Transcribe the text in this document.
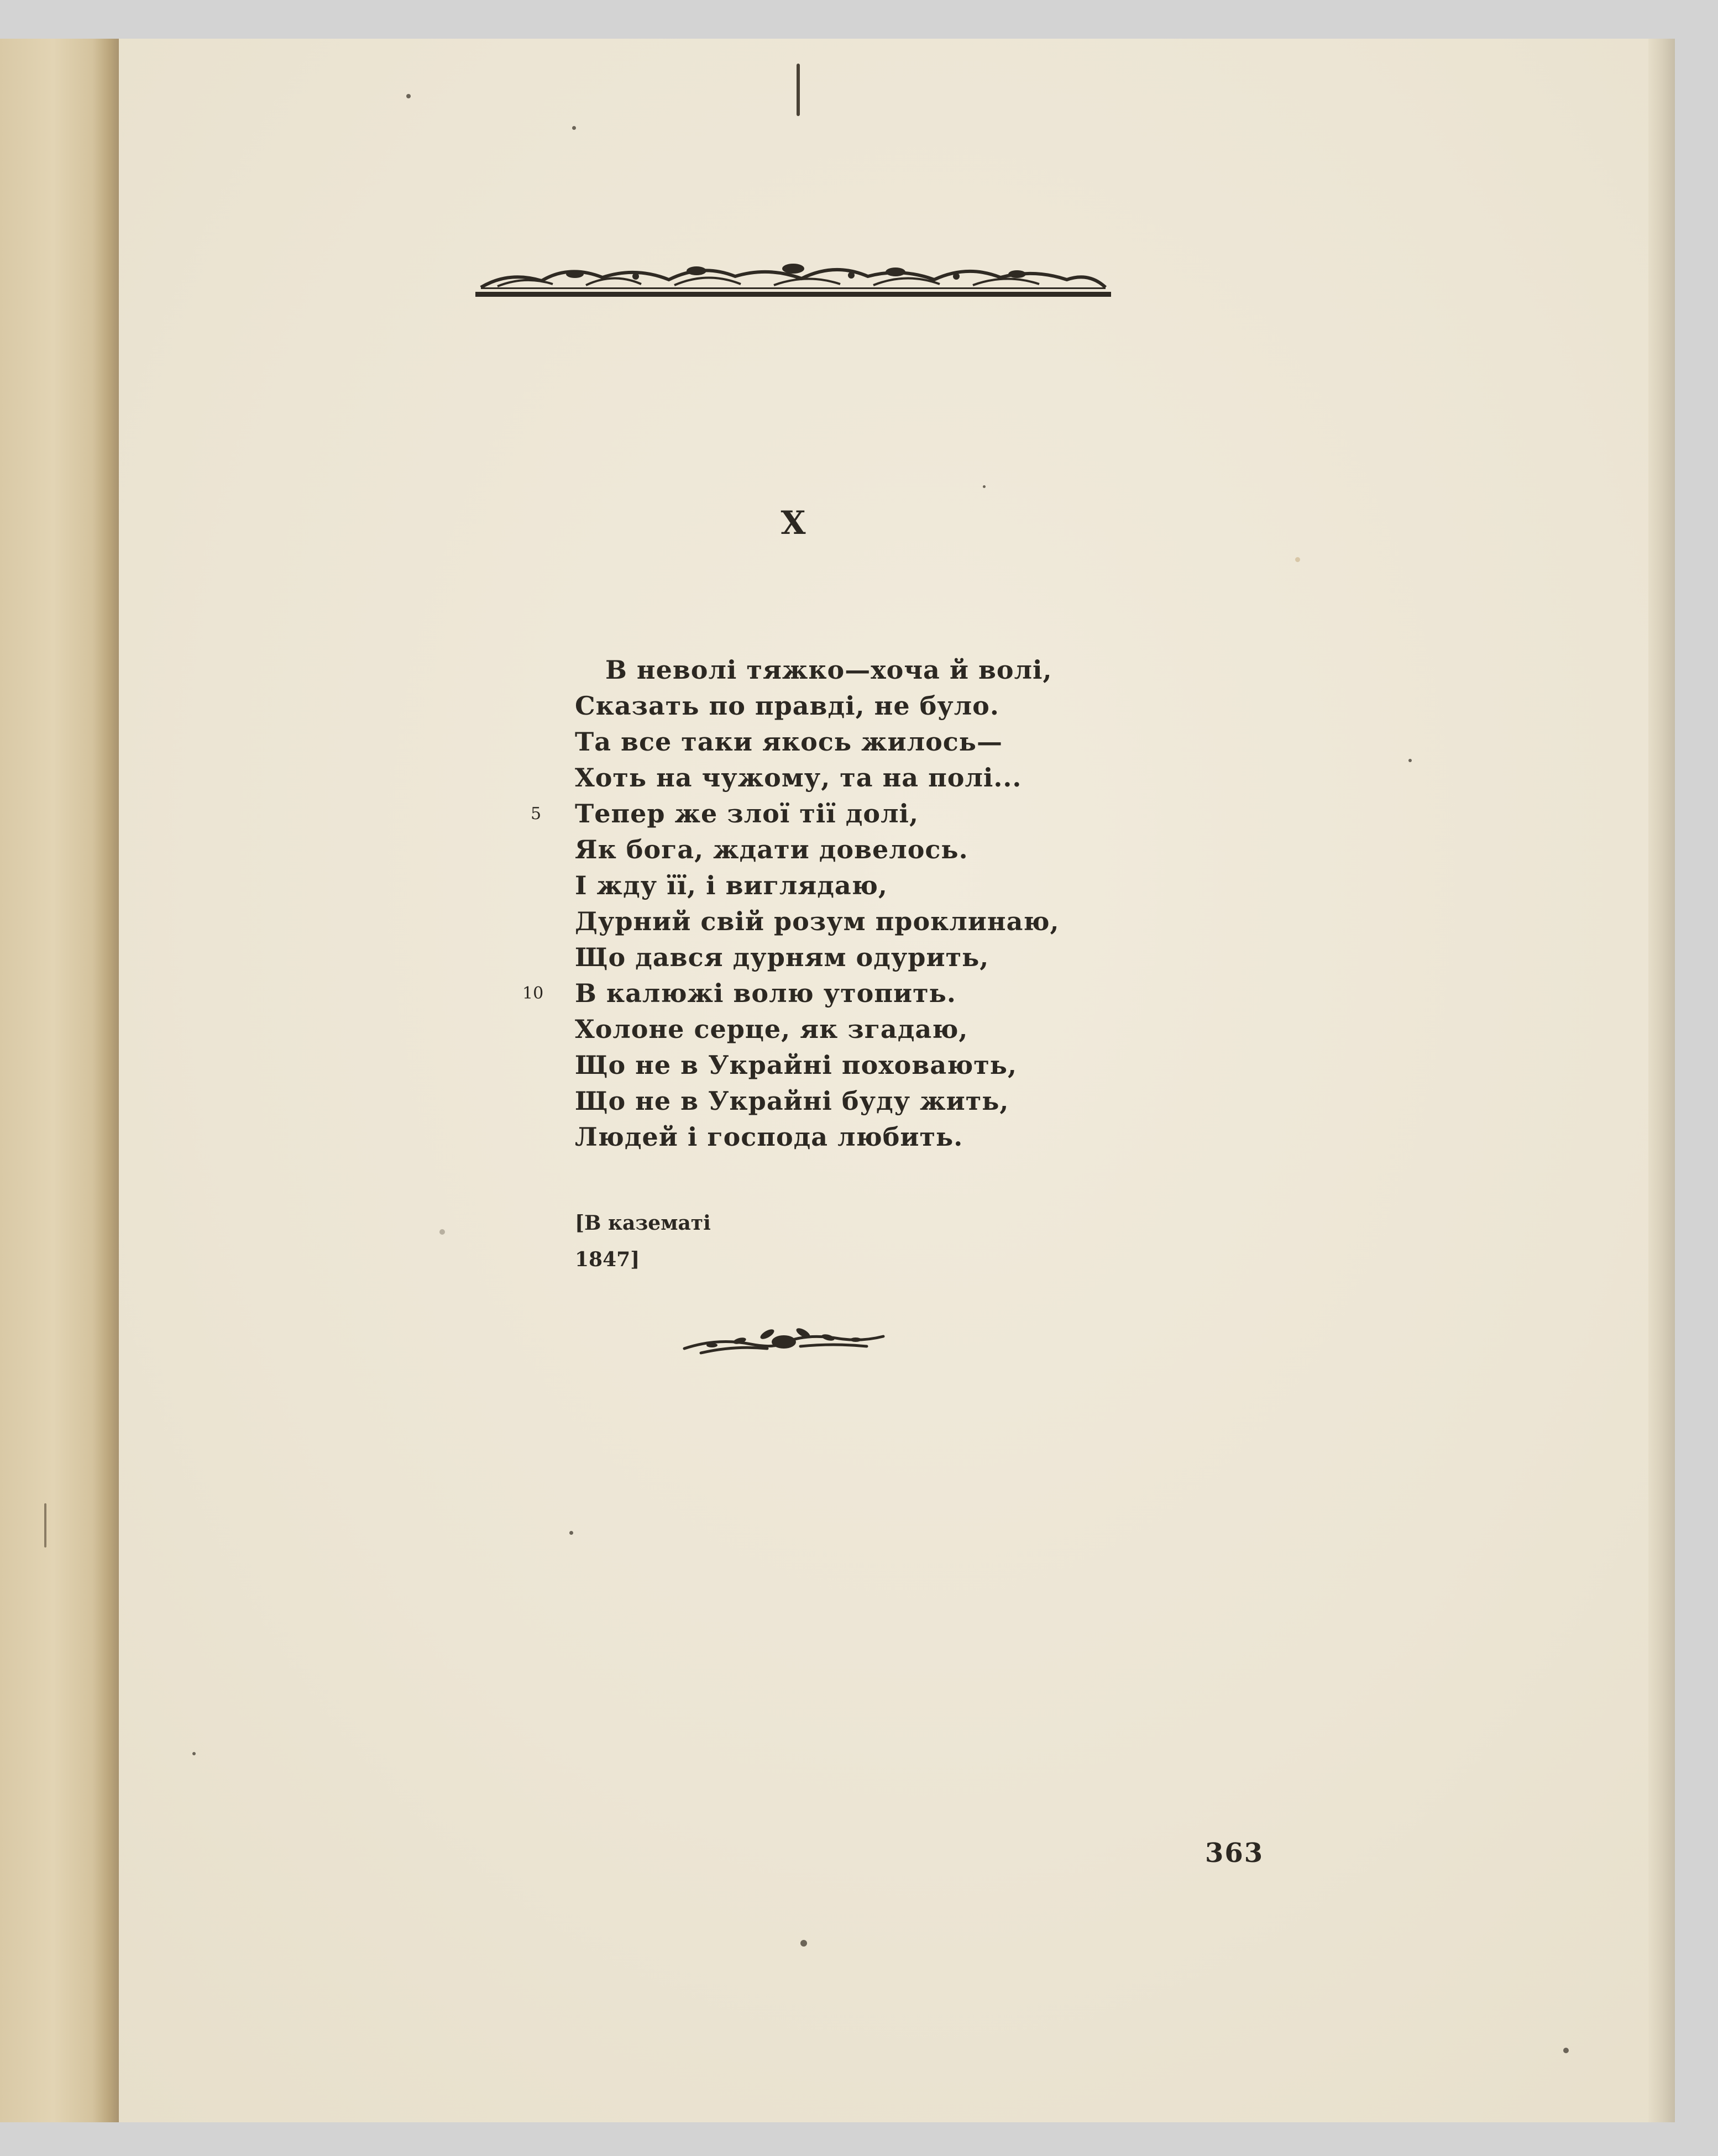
X
5
10
В неволі тяжко—хоча й волі,
Сказать по правді, не було.
Та все таки якось жилось—
Хоть на чужому, та на полі...
Тепер же злої тії долі,
Як бога, ждати довелось.
І жду її, і виглядаю,
Дурний свій розум проклинаю,
Що дався дурням одурить,
В калюжі волю утопить.
Холоне серце, як згадаю,
Що не в Украйні поховають,
Що не в Украйні буду жить,
Людей і господа любить.
[В казематі
1847]
363
